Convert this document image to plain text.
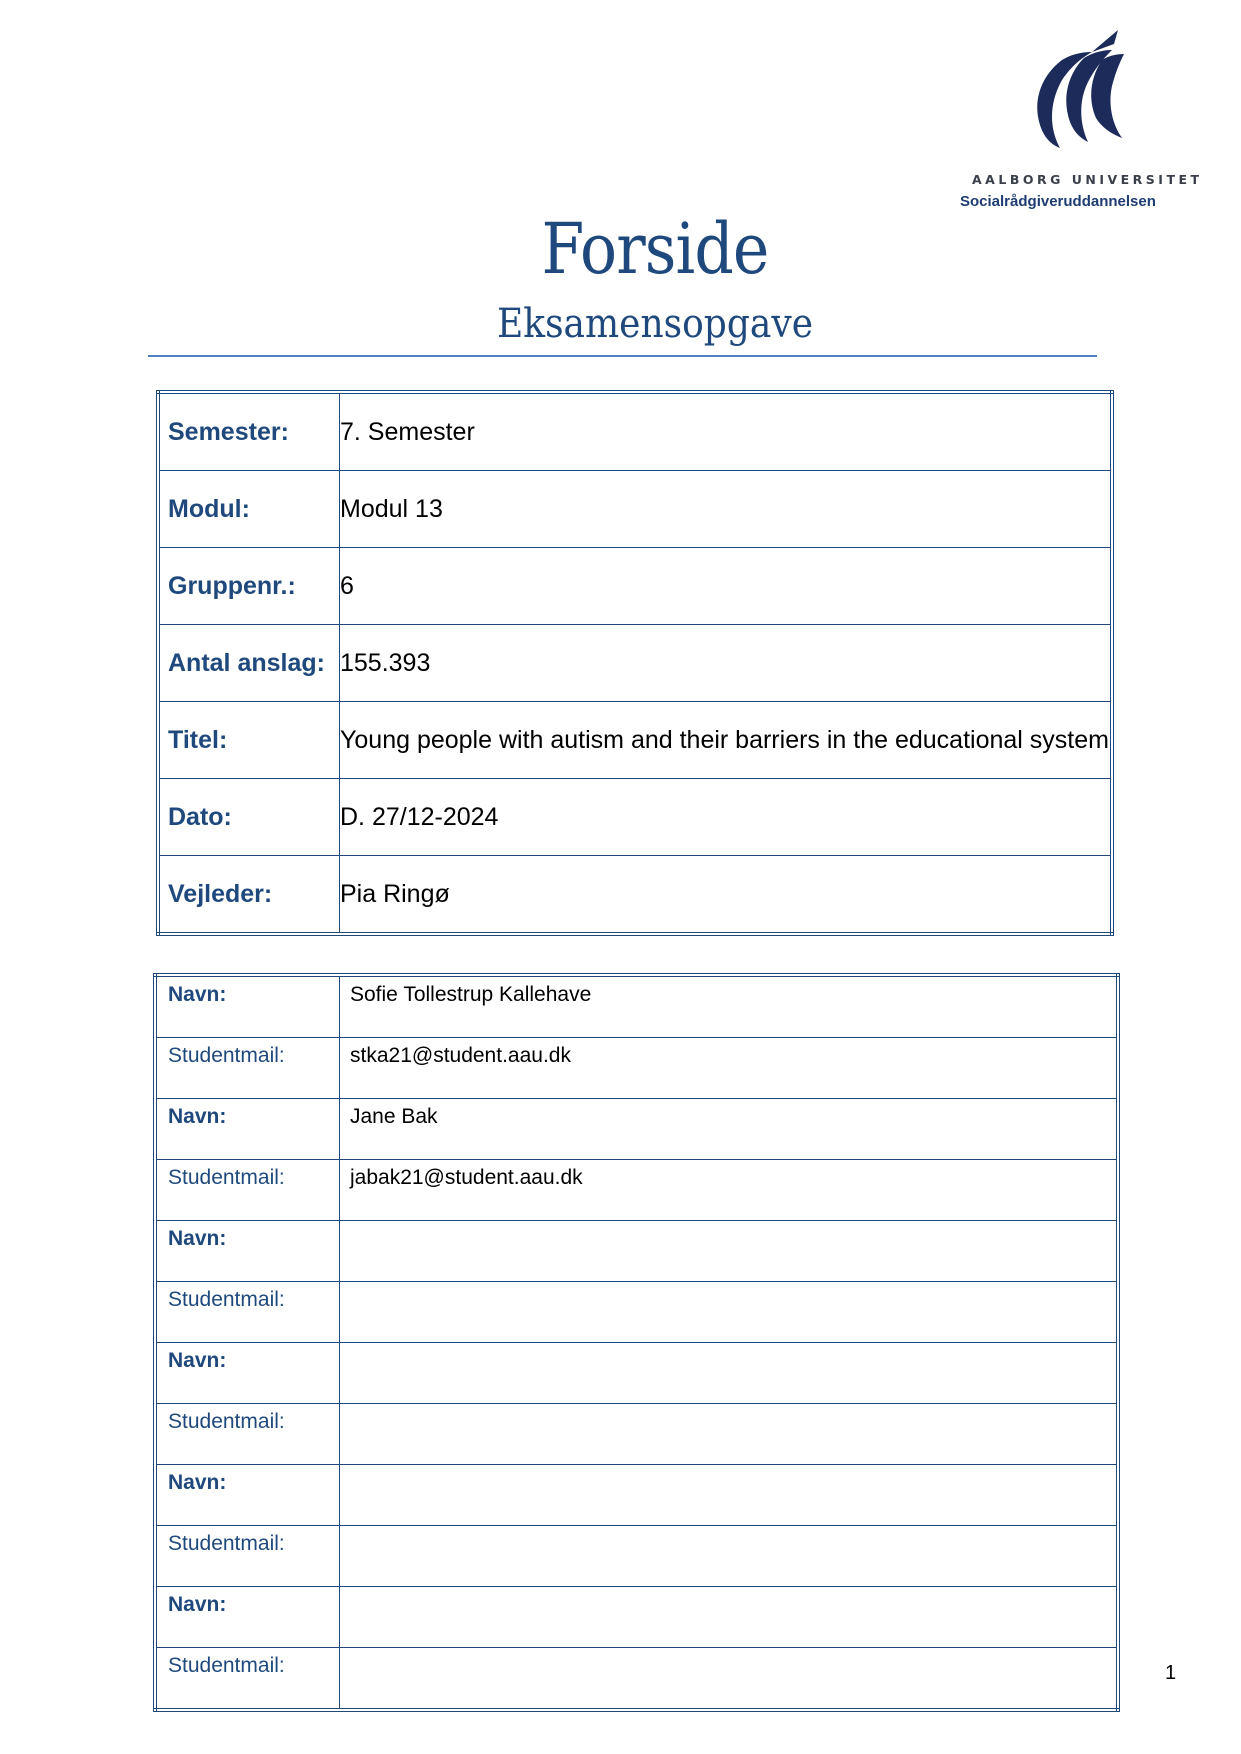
AALBORG UNIVERSITET
Socialrådgiveruddannelsen
Forside
Eksamensopgave
Semester:	7. Semester
Modul:	Modul 13
Gruppenr.:	6
Antal anslag:	155.393
Titel:	Young people with autism and their barriers in the educational system
Dato:	D. 27/12-2024
Vejleder:	Pia Ringø
Navn:	Sofie Tollestrup Kallehave
Studentmail:	stka21@student.aau.dk
Navn:	Jane Bak
Studentmail:	jabak21@student.aau.dk
Navn:	
Studentmail:	
Navn:	
Studentmail:	
Navn:	
Studentmail:	
Navn:	
Studentmail:		1
